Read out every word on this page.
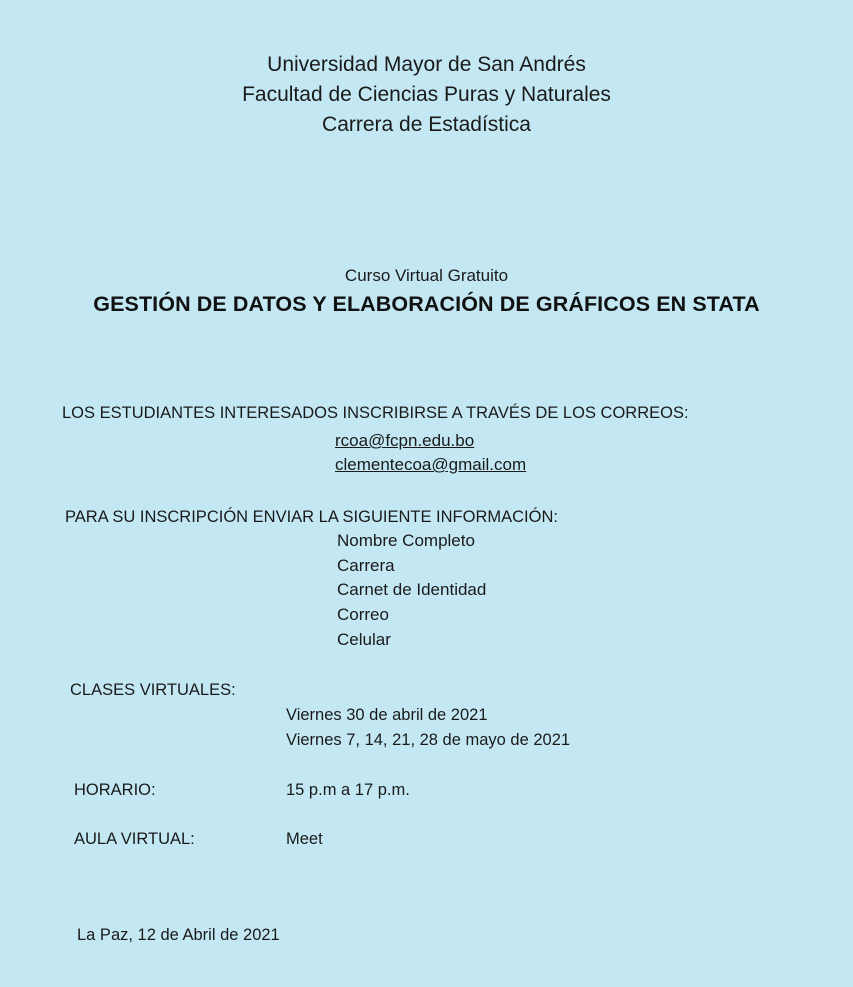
Universidad Mayor de San Andrés
Facultad de Ciencias Puras y Naturales
Carrera de Estadística
Curso Virtual Gratuito
GESTIÓN DE DATOS Y ELABORACIÓN DE GRÁFICOS EN STATA
LOS ESTUDIANTES INTERESADOS INSCRIBIRSE A TRAVÉS DE LOS CORREOS:
rcoa@fcpn.edu.bo
clementecoa@gmail.com
PARA SU INSCRIPCIÓN ENVIAR LA SIGUIENTE INFORMACIÓN:
Nombre Completo
Carrera
Carnet de Identidad
Correo
Celular
CLASES VIRTUALES:
Viernes 30 de abril de 2021
Viernes 7, 14, 21, 28 de mayo de 2021
HORARIO:	15 p.m a 17 p.m.
AULA VIRTUAL:	Meet
La Paz, 12 de Abril de 2021
